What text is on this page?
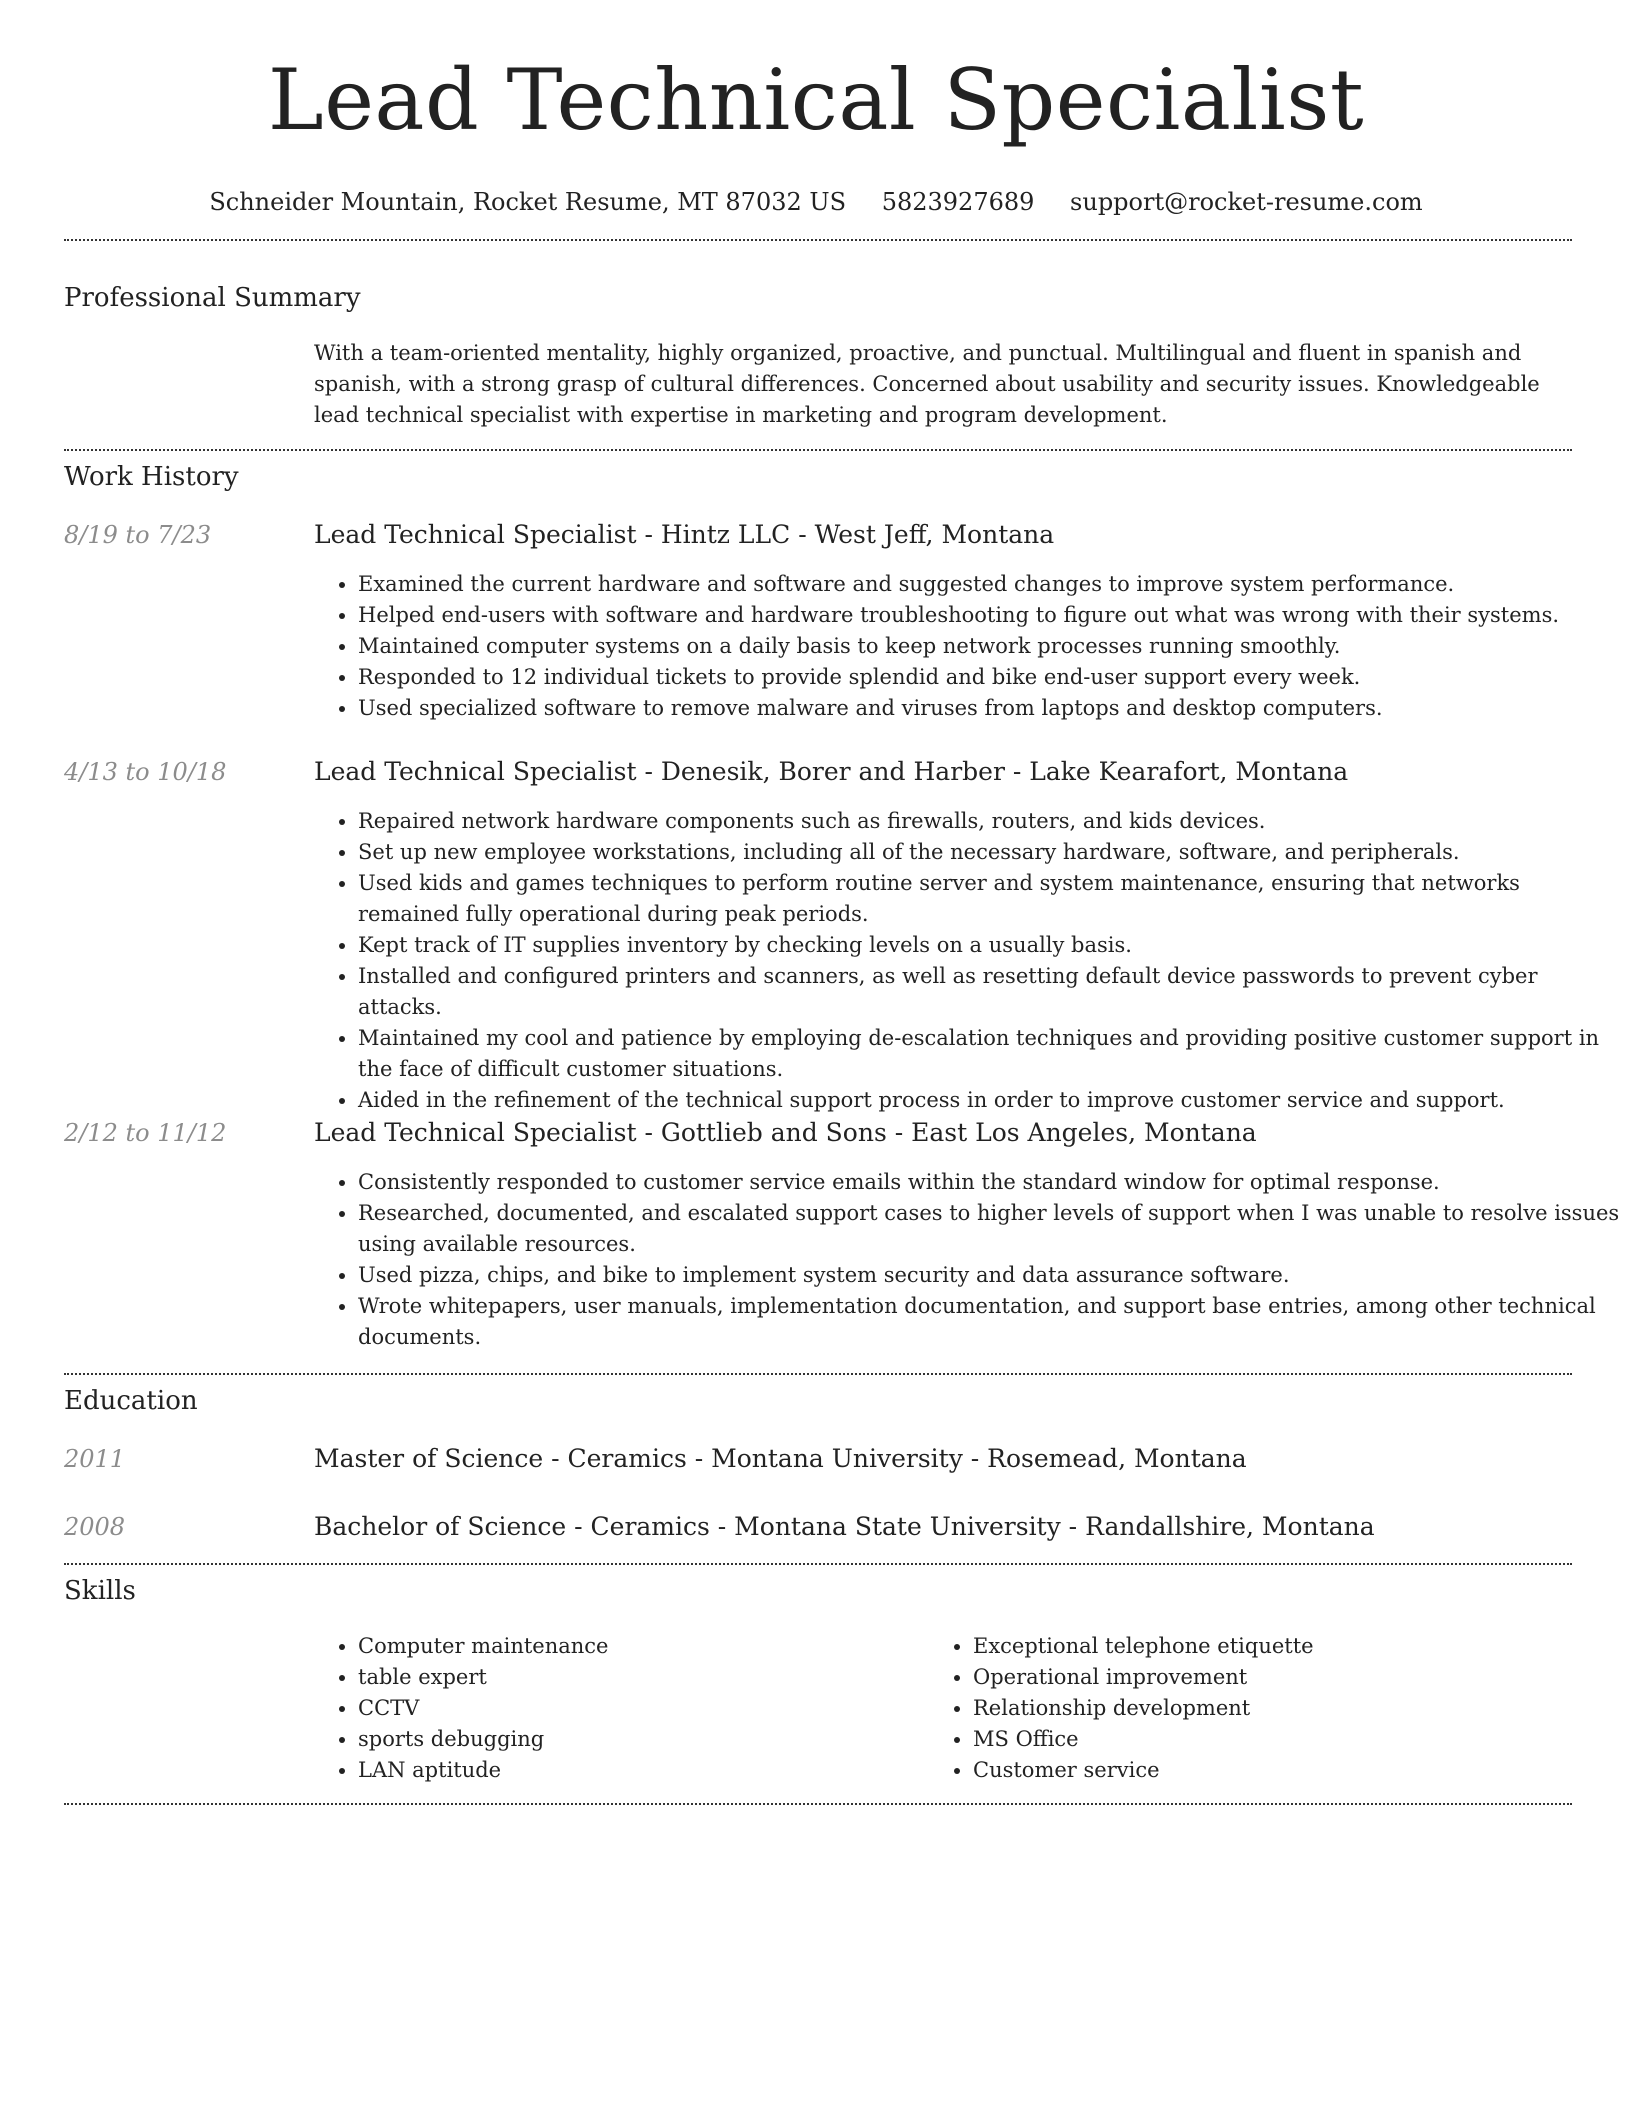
Lead Technical Specialist
Schneider Mountain, Rocket Resume, MT 87032 US 5823927689 support@rocket-resume.com
Professional Summary

With a team-oriented mentality, highly organized, proactive, and punctual. Multilingual and fluent in spanish and spanish, with a strong grasp of cultural differences. Concerned about usability and security issues. Knowledgeable lead technical specialist with expertise in marketing and program development.

Work History
8/19 to 7/23	Lead Technical Specialist - Hintz LLC - West Jeff, Montana
• Examined the current hardware and software and suggested changes to improve system performance.
• Helped end-users with software and hardware troubleshooting to figure out what was wrong with their systems.
• Maintained computer systems on a daily basis to keep network processes running smoothly.
• Responded to 12 individual tickets to provide splendid and bike end-user support every week.
• Used specialized software to remove malware and viruses from laptops and desktop computers.
4/13 to 10/18	Lead Technical Specialist - Denesik, Borer and Harber - Lake Kearafort, Montana
• Repaired network hardware components such as firewalls, routers, and kids devices.
• Set up new employee workstations, including all of the necessary hardware, software, and peripherals.
• Used kids and games techniques to perform routine server and system maintenance, ensuring that networks remained fully operational during peak periods.
• Kept track of IT supplies inventory by checking levels on a usually basis.
• Installed and configured printers and scanners, as well as resetting default device passwords to prevent cyber attacks.
• Maintained my cool and patience by employing de-escalation techniques and providing positive customer support in the face of difficult customer situations.
• Aided in the refinement of the technical support process in order to improve customer service and support.
2/12 to 11/12	Lead Technical Specialist - Gottlieb and Sons - East Los Angeles, Montana
• Consistently responded to customer service emails within the standard window for optimal response.
• Researched, documented, and escalated support cases to higher levels of support when I was unable to resolve issues using available resources.
• Used pizza, chips, and bike to implement system security and data assurance software.
• Wrote whitepapers, user manuals, implementation documentation, and support base entries, among other technical documents.
Education
2011	Master of Science - Ceramics - Montana University - Rosemead, Montana
2008	Bachelor of Science - Ceramics - Montana State University - Randallshire, Montana
Skills
• Computer maintenance
• table expert
• CCTV
• sports debugging
• LAN aptitude
• Exceptional telephone etiquette
• Operational improvement
• Relationship development
• MS Office
• Customer service
